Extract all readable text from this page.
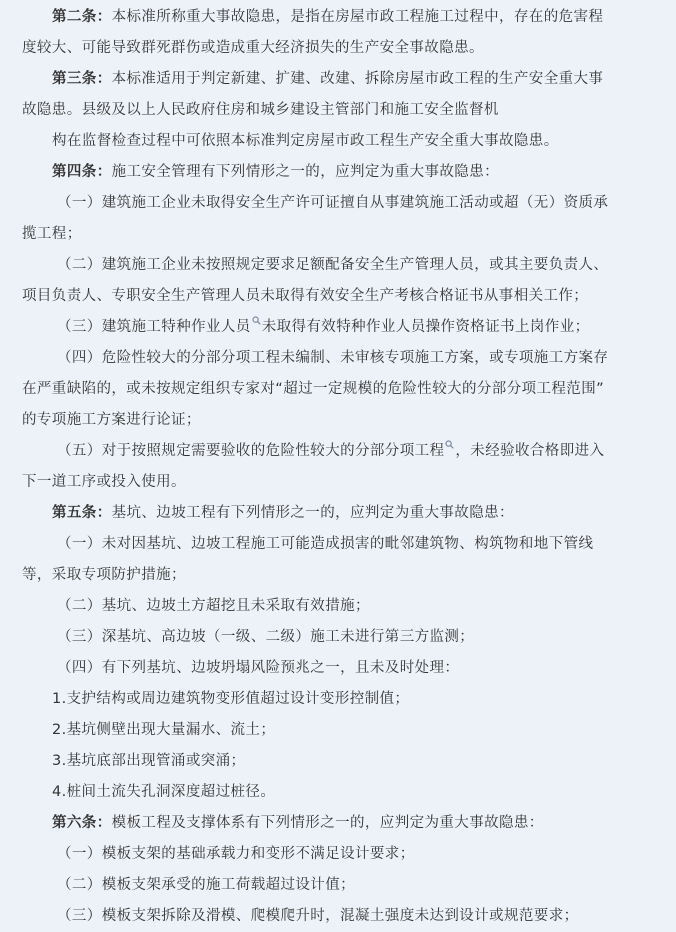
第二条：本标准所称重大事故隐患，是指在房屋市政工程施工过程中，存在的危害程
度较大、可能导致群死群伤或造成重大经济损失的生产安全事故隐患。
第三条：本标准适用于判定新建、扩建、改建、拆除房屋市政工程的生产安全重大事
故隐患。县级及以上人民政府住房和城乡建设主管部门和施工安全监督机
构在监督检查过程中可依照本标准判定房屋市政工程生产安全重大事故隐患。
第四条：施工安全管理有下列情形之一的，应判定为重大事故隐患：
（一）建筑施工企业未取得安全生产许可证擅自从事建筑施工活动或超（无）资质承
揽工程；
（二）建筑施工企业未按照规定要求足额配备安全生产管理人员，或其主要负责人、
项目负责人、专职安全生产管理人员未取得有效安全生产考核合格证书从事相关工作；
（三）建筑施工特种作业人员 未取得有效特种作业人员操作资格证书上岗作业；
（四）危险性较大的分部分项工程未编制、未审核专项施工方案，或专项施工方案存
在严重缺陷的，或未按规定组织专家对“超过一定规模的危险性较大的分部分项工程范围”
的专项施工方案进行论证；
（五）对于按照规定需要验收的危险性较大的分部分项工程 ，未经验收合格即进入
下一道工序或投入使用。
第五条：基坑、边坡工程有下列情形之一的，应判定为重大事故隐患：
（一）未对因基坑、边坡工程施工可能造成损害的毗邻建筑物、构筑物和地下管线
等，采取专项防护措施；
（二）基坑、边坡土方超挖且未采取有效措施；
（三）深基坑、高边坡（一级、二级）施工未进行第三方监测；
（四）有下列基坑、边坡坍塌风险预兆之一，且未及时处理：
1.支护结构或周边建筑物变形值超过设计变形控制值；
2.基坑侧壁出现大量漏水、流土；
3.基坑底部出现管涌或突涌；
4.桩间土流失孔洞深度超过桩径。
第六条：模板工程及支撑体系有下列情形之一的，应判定为重大事故隐患：
（一）模板支架的基础承载力和变形不满足设计要求；
（二）模板支架承受的施工荷载超过设计值；
（三）模板支架拆除及滑模、爬模爬升时，混凝土强度未达到设计或规范要求；
